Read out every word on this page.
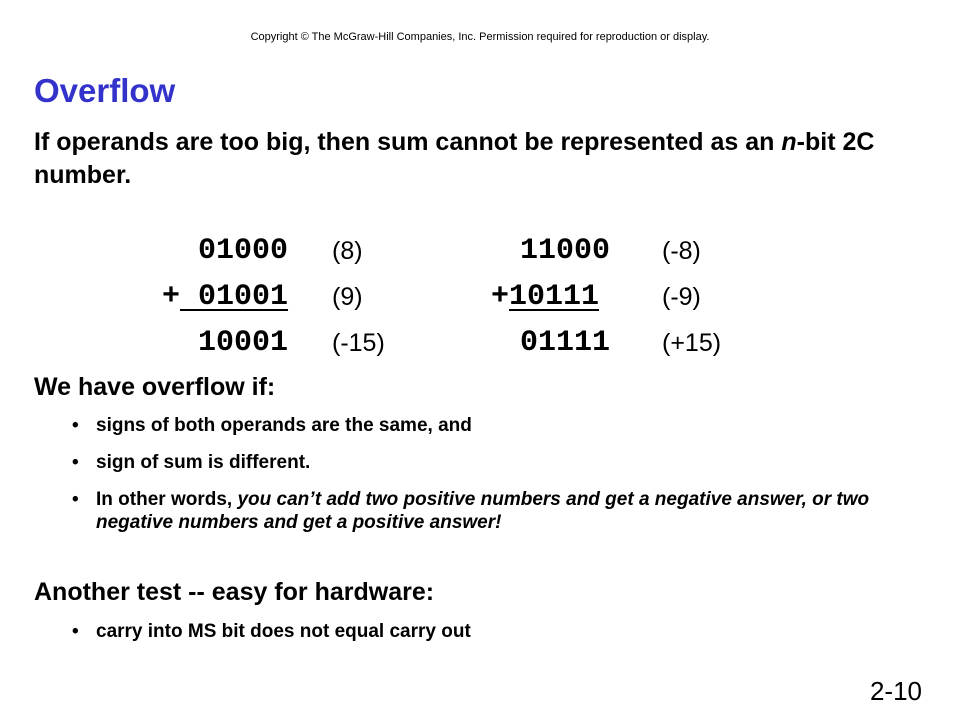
Copyright © The McGraw-Hill Companies, Inc. Permission required for reproduction or display.
Overflow
If operands are too big, then sum cannot be represented as an n-bit 2C number.
01000 (8)
+ 01001 (9)
10001 (-15)
11000 (-8)
+ 10111	(-9)
01111 (+15)
We have overflow if:
• signs of both operands are the same, and
• sign of sum is different.
• In other words, you can’t add two positive numbers and get a negative answer, or two negative numbers and get a positive answer!
Another test -- easy for hardware:
• carry into MS bit does not equal carry out
2-10
